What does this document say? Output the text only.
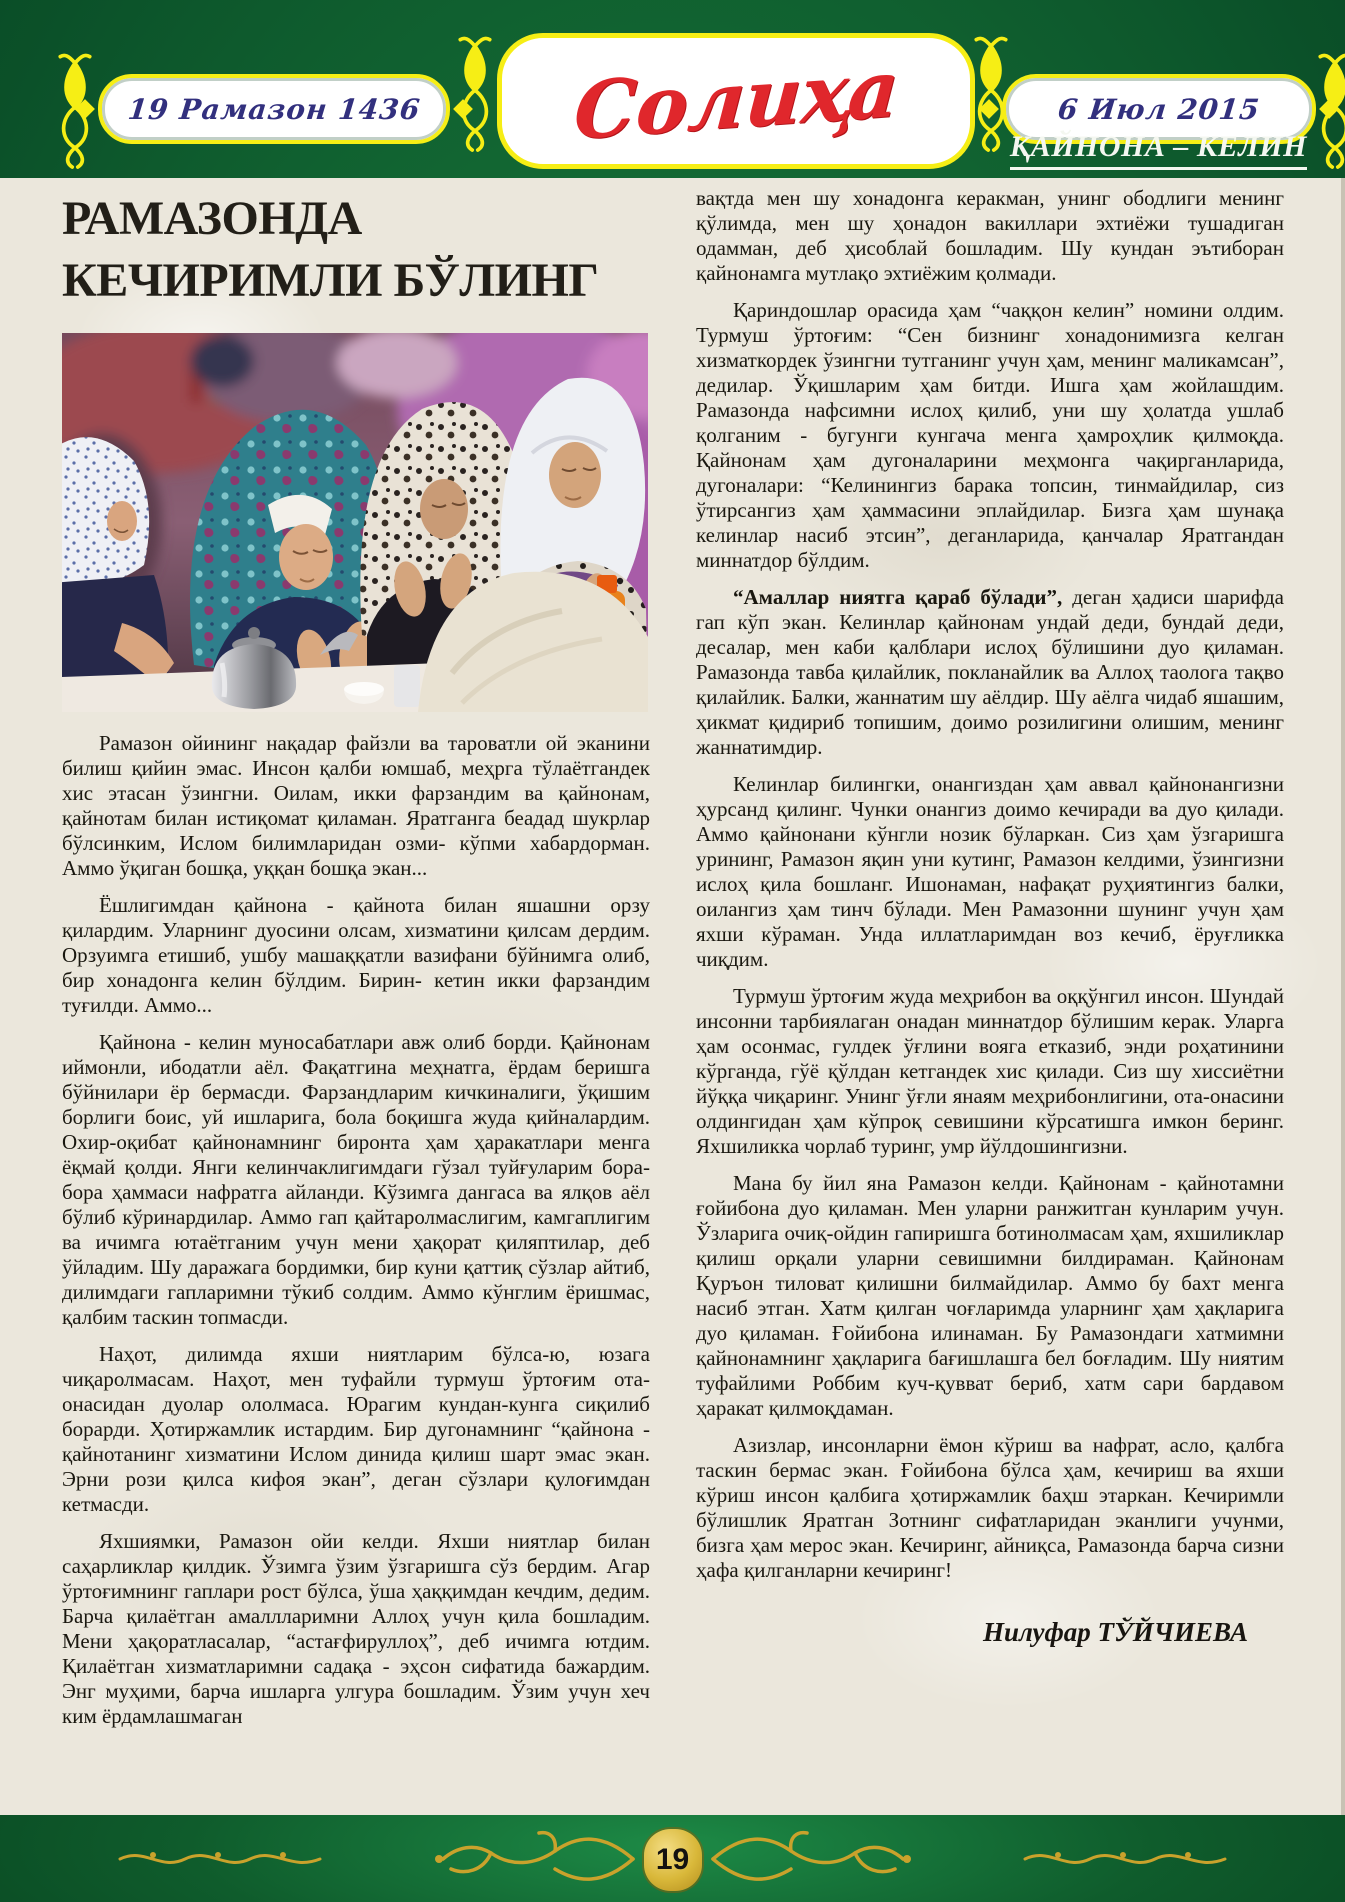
19 Рамазон 1436 Солиҳа	6 Июл 2015
ҚАЙНОНА – КЕЛИН
РАМАЗОНДА
КЕЧИРИМЛИ БЎЛИНГ

Рамазон ойининг нақадар файзли ва тароватли ой эканини билиш қийин эмас. Инсон қалби юмшаб, меҳрга тўлаётгандек хис этасан ўзингни. Оилам, икки фарзандим ва қайнонам, қайнотам билан истиқомат қиламан. Яратганга беадад шукрлар бўлсинким, Ислом билимларидан озми- кўпми хабардорман. Аммо ўқиган бошқа, уққан бошқа экан...

Ёшлигимдан қайнона - қайнота билан яшашни орзу қилардим. Уларнинг дуосини олсам, хизматини қилсам дердим. Орзуимга етишиб, ушбу машаққатли вазифани бўйнимга олиб, бир хонадонга келин бўлдим. Бирин- кетин икки фарзандим туғилди. Аммо...

Қайнона - келин муносабатлари авж олиб борди. Қайнонам иймонли, ибодатли аёл. Фақатгина меҳнатга, ёрдам беришга бўйнилари ёр бермасди. Фарзандларим кичкиналиги, ўқишим борлиги боис, уй ишларига, бола боқишга жуда қийналардим. Охир-оқибат қайнонамнинг биронта ҳам ҳаракатлари менга ёқмай қолди. Янги келинчаклигимдаги гўзал туйғуларим бора-бора ҳаммаси нафратга айланди. Кўзимга дангаса ва ялқов аёл бўлиб кўринардилар. Аммо гап қайтаролмаслигим, камгаплигим ва ичимга ютаётганим учун мени ҳақорат қиляптилар, деб ўйладим. Шу даражага бордимки, бир куни қаттиқ сўзлар айтиб, дилимдаги гапларимни тўкиб солдим. Аммо кўнглим ёришмас, қалбим таскин топмасди.

Наҳот, дилимда яхши ниятларим бўлса-ю, юзага чиқаролмасам. Наҳот, мен туфайли турмуш ўртоғим ота-онасидан дуолар ололмаса. Юрагим кундан-кунга сиқилиб борарди. Ҳотиржамлик истардим. Бир дугонамнинг “қайнона - қайнотанинг хизматини Ислом динида қилиш шарт эмас экан. Эрни рози қилса кифоя экан”, деган сўзлари қулоғимдан кетмасди.

Яхшиямки, Рамазон ойи келди. Яхши ниятлар билан саҳарликлар қилдик. Ўзимга ўзим ўзгаришга сўз бердим. Агар ўртоғимнинг гаплари рост бўлса, ўша ҳаққимдан кечдим, дедим. Барча қилаётган амаллларимни Аллоҳ учун қила бошладим. Мени ҳақоратласалар, “астағфируллоҳ”, деб ичимга ютдим. Қилаётган хизматларимни садақа - эҳсон сифатида бажардим. Энг муҳими, барча ишларга улгура бошладим. Ўзим учун хеч ким ёрдамлашмаган

вақтда мен шу хонадонга керакман, унинг ободлиги менинг қўлимда, мен шу ҳонадон вакиллари эхтиёжи тушадиган одамман, деб ҳисоблай бошладим. Шу кундан эътиборан қайнонамга мутлақо эхтиёжим қолмади.

Қариндошлар орасида ҳам “чаққон келин” номини олдим. Турмуш ўртоғим: “Сен бизнинг хонадонимизга келган хизматкордек ўзингни тутганинг учун ҳам, менинг маликамсан”, дедилар. Ўқишларим ҳам битди. Ишга ҳам жойлашдим. Рамазонда нафсимни ислоҳ қилиб, уни шу ҳолатда ушлаб қолганим - бугунги кунгача менга ҳамроҳлик қилмоқда. Қайнонам ҳам дугоналарини меҳмонга чақирганларида, дугоналари: “Келинингиз барака топсин, тинмайдилар, сиз ўтирсангиз ҳам ҳаммасини эплайдилар. Бизга ҳам шунақа келинлар насиб этсин”, деганларида, қанчалар Яратгандан миннатдор бўлдим.

“Амаллар ниятга қараб бўлади”, деган ҳадиси шарифда гап кўп экан. Келинлар қайнонам ундай деди, бундай деди, десалар, мен каби қалблари ислоҳ бўлишини дуо қиламан. Рамазонда тавба қилайлик, покланайлик ва Аллоҳ таолога тақво қилайлик. Балки, жаннатим шу аёлдир. Шу аёлга чидаб яшашим, ҳикмат қидириб топишим, доимо розилигини олишим, менинг жаннатимдир.

Келинлар билингки, онангиздан ҳам аввал қайнонангизни ҳурсанд қилинг. Чунки онангиз доимо кечиради ва дуо қилади. Аммо қайнонани кўнгли нозик бўларкан. Сиз ҳам ўзгаришга урининг, Рамазон яқин уни кутинг, Рамазон келдими, ўзингизни ислоҳ қила бошланг. Ишонаман, нафақат руҳиятингиз балки, оилангиз ҳам тинч бўлади. Мен Рамазонни шунинг учун ҳам яхши кўраман. Унда иллатларимдан воз кечиб, ёруғликка чиқдим.

Турмуш ўртоғим жуда меҳрибон ва оққўнгил инсон. Шундай инсонни тарбиялаган онадан миннатдор бўлишим керак. Уларга ҳам осонмас, гулдек ўғлини вояга етказиб, энди роҳатинини кўрганда, гўё қўлдан кетгандек хис қилади. Сиз шу хиссиётни йўққа чиқаринг. Унинг ўғли янаям меҳрибонлигини, ота-онасини олдингидан ҳам кўпроқ севишини кўрсатишга имкон беринг. Яхшиликка чорлаб туринг, умр йўлдошингизни.

Мана бу йил яна Рамазон келди. Қайнонам - қайнотамни ғойибона дуо қиламан. Мен уларни ранжитган кунларим учун. Ўзларига очиқ-ойдин гапиришга ботинолмасам ҳам, яхшиликлар қилиш орқали уларни севишимни билдираман. Қайнонам Қуръон тиловат қилишни билмайдилар. Аммо бу бахт менга насиб этган. Хатм қилган чоғларимда уларнинг ҳам ҳақларига дуо қиламан. Ғойибона илинаман. Бу Рамазондаги хатмимни қайнонамнинг ҳақларига бағишлашга бел боғладим. Шу ниятим туфайлими Роббим куч-қувват бериб, хатм сари бардавом ҳаракат қилмоқдаман.

Азизлар, инсонларни ёмон кўриш ва нафрат, асло, қалбга таскин бермас экан. Ғойибона бўлса ҳам, кечириш ва яхши кўриш инсон қалбига ҳотиржамлик баҳш этаркан. Кечиримли бўлишлик Яратган Зотнинг сифатларидан эканлиги учунми, бизга ҳам мерос экан. Кечиринг, айниқса, Рамазонда барча сизни ҳафа қилганларни кечиринг!

Нилуфар ТЎЙЧИЕВА
19
